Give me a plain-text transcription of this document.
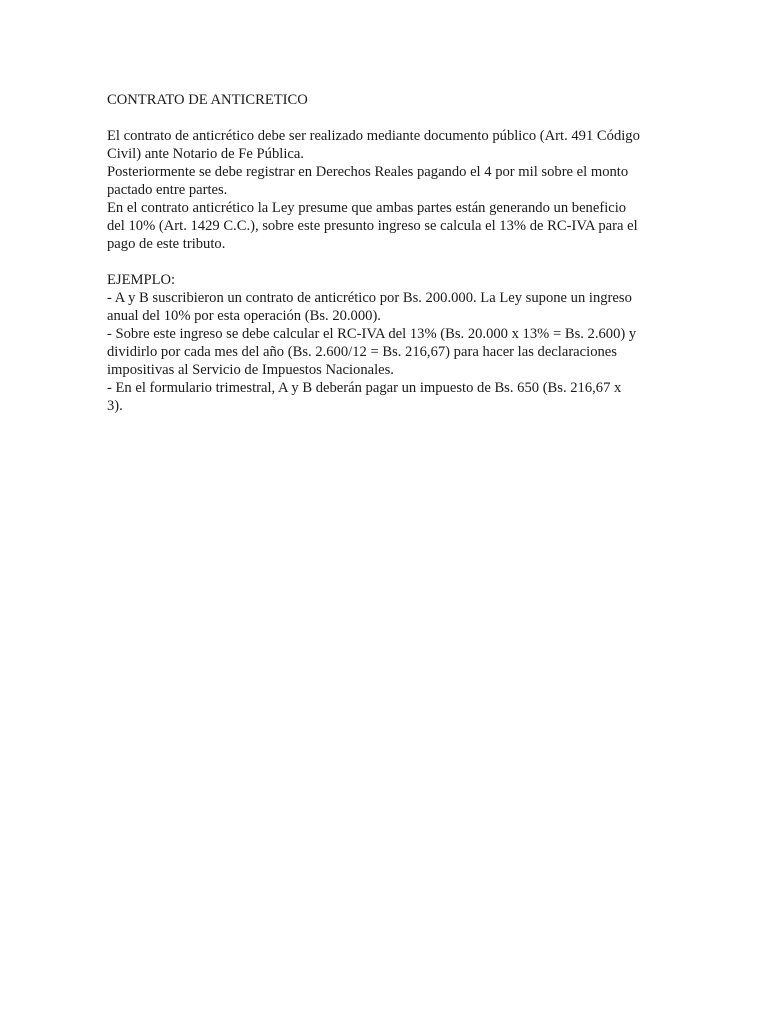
CONTRATO DE ANTICRETICO

El contrato de anticrético debe ser realizado mediante documento público (Art. 491 Código
Civil) ante Notario de Fe Pública.

Posteriormente se debe registrar en Derechos Reales pagando el 4 por mil sobre el monto
pactado entre partes.

En el contrato anticrético la Ley presume que ambas partes están generando un beneficio
del 10% (Art. 1429 C.C.), sobre este presunto ingreso se calcula el 13% de RC-IVA para el
pago de este tributo.

EJEMPLO:

- A y B suscribieron un contrato de anticrético por Bs. 200.000. La Ley supone un ingreso
anual del 10% por esta operación (Bs. 20.000).

- Sobre este ingreso se debe calcular el RC-IVA del 13% (Bs. 20.000 x 13% = Bs. 2.600) y
dividirlo por cada mes del año (Bs. 2.600/12 = Bs. 216,67) para hacer las declaraciones
impositivas al Servicio de Impuestos Nacionales.

- En el formulario trimestral, A y B deberán pagar un impuesto de Bs. 650 (Bs. 216,67 x
3).
